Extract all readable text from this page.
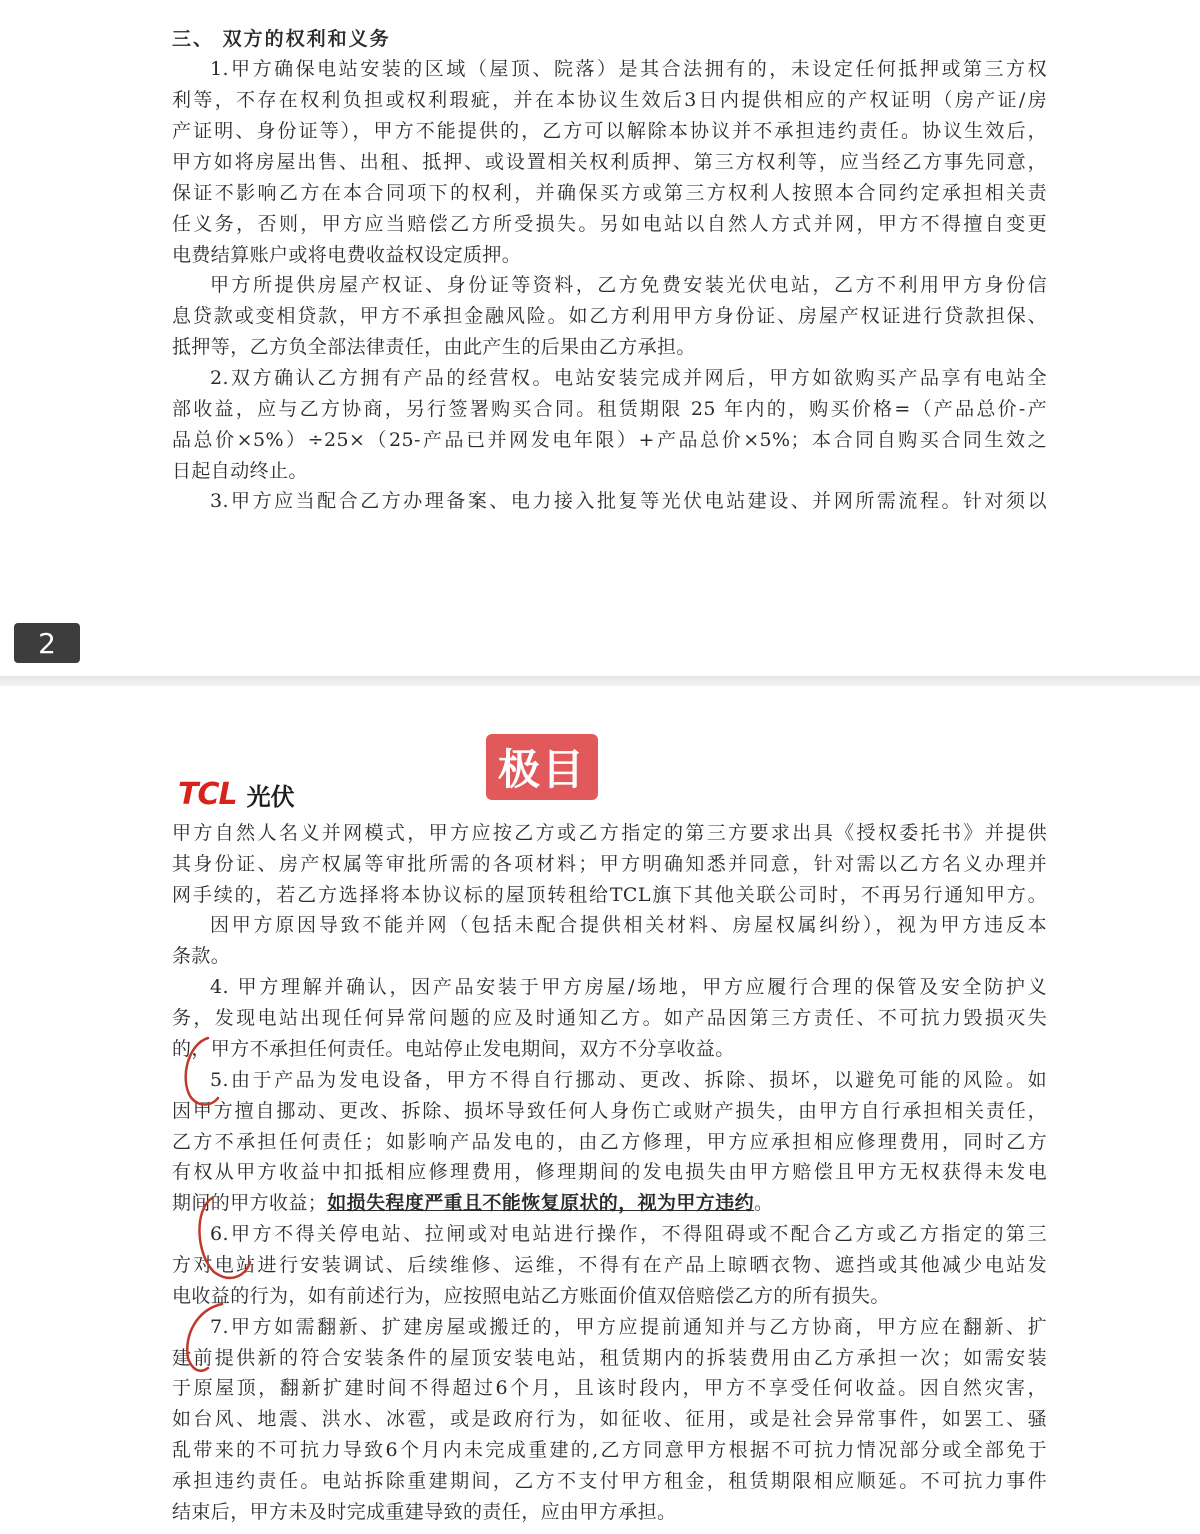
三、 双方的权利和义务

1.甲方确保电站安装的区域（屋顶、院落）是其合法拥有的，未设定任何抵押或第三方权

利等，不存在权利负担或权利瑕疵，并在本协议生效后3日内提供相应的产权证明（房产证/房

产证明、身份证等），甲方不能提供的，乙方可以解除本协议并不承担违约责任。协议生效后，

甲方如将房屋出售、出租、抵押、或设置相关权利质押、第三方权利等，应当经乙方事先同意，

保证不影响乙方在本合同项下的权利，并确保买方或第三方权利人按照本合同约定承担相关责

任义务，否则，甲方应当赔偿乙方所受损失。另如电站以自然人方式并网，甲方不得擅自变更

电费结算账户或将电费收益权设定质押。

甲方所提供房屋产权证、身份证等资料，乙方免费安装光伏电站，乙方不利用甲方身份信

息贷款或变相贷款，甲方不承担金融风险。如乙方利用甲方身份证、房屋产权证进行贷款担保、

抵押等，乙方负全部法律责任，由此产生的后果由乙方承担。

2.双方确认乙方拥有产品的经营权。电站安装完成并网后，甲方如欲购买产品享有电站全

部收益，应与乙方协商，另行签署购买合同。租赁期限 25 年内的，购买价格=（产品总价-产

品总价×5%）÷25×（25-产品已并网发电年限）+产品总价×5%；本合同自购买合同生效之

日起自动终止。

3.甲方应当配合乙方办理备案、电力接入批复等光伏电站建设、并网所需流程。针对须以

2
极目
TCL 光伏

甲方自然人名义并网模式，甲方应按乙方或乙方指定的第三方要求出具《授权委托书》并提供

其身份证、房产权属等审批所需的各项材料；甲方明确知悉并同意，针对需以乙方名义办理并

网手续的，若乙方选择将本协议标的屋顶转租给TCL旗下其他关联公司时，不再另行通知甲方。

因甲方原因导致不能并网（包括未配合提供相关材料、房屋权属纠纷），视为甲方违反本

条款。

4. 甲方理解并确认，因产品安装于甲方房屋/场地，甲方应履行合理的保管及安全防护义

务，发现电站出现任何异常问题的应及时通知乙方。如产品因第三方责任、不可抗力毁损灭失

的，甲方不承担任何责任。电站停止发电期间，双方不分享收益。

5.由于产品为发电设备，甲方不得自行挪动、更改、拆除、损坏，以避免可能的风险。如

因甲方擅自挪动、更改、拆除、损坏导致任何人身伤亡或财产损失，由甲方自行承担相关责任，

乙方不承担任何责任；如影响产品发电的，由乙方修理，甲方应承担相应修理费用，同时乙方

有权从甲方收益中扣抵相应修理费用，修理期间的发电损失由甲方赔偿且甲方无权获得未发电

期间的甲方收益；如损失程度严重且不能恢复原状的，视为甲方违约。

6.甲方不得关停电站、拉闸或对电站进行操作，不得阻碍或不配合乙方或乙方指定的第三

方对电站进行安装调试、后续维修、运维，不得有在产品上晾晒衣物、遮挡或其他减少电站发

电收益的行为，如有前述行为，应按照电站乙方账面价值双倍赔偿乙方的所有损失。

7.甲方如需翻新、扩建房屋或搬迁的，甲方应提前通知并与乙方协商，甲方应在翻新、扩

建前提供新的符合安装条件的屋顶安装电站，租赁期内的拆装费用由乙方承担一次；如需安装

于原屋顶，翻新扩建时间不得超过6个月，且该时段内，甲方不享受任何收益。因自然灾害，

如台风、地震、洪水、冰雹，或是政府行为，如征收、征用，或是社会异常事件，如罢工、骚

乱带来的不可抗力导致6个月内未完成重建的,乙方同意甲方根据不可抗力情况部分或全部免于

承担违约责任。电站拆除重建期间，乙方不支付甲方租金，租赁期限相应顺延。不可抗力事件

结束后，甲方未及时完成重建导致的责任，应由甲方承担。
